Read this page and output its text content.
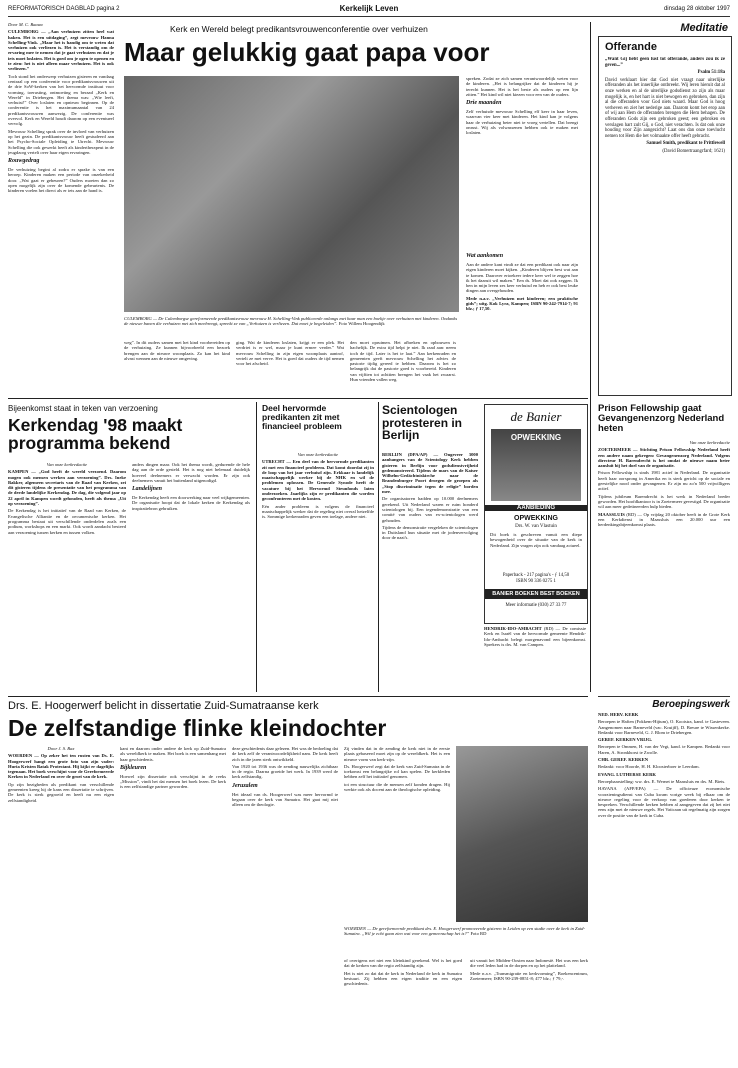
REFORMATORISCH DAGBLAD pagina 2	Kerkelijk Leven	dinsdag 28 oktober 1997
Kerk en Wereld belegt predikantsvrouwenconferentie over verhuizen
Maar gelukkig gaat papa voor

Door M. C. Baauw

CULEMBORG — „Aan verhuizen zitten heel wat haken. Het is een uitdaging”, zegt mevrouw Hanna Schelling-Vink. „Maar het is handig om te weten dat verhuizen ook verliezen is. Het is verstandig om de ervaring mee te nemen dat je gaat verhuizen en dat je iets moet loslaten. Het is goed om je ogen te openen en te zien: het is niet alleen maar verhuizen. Het is ook verliezen.”

Toch stond het onderwerp verhuizen gisteren en vandaag centraal op een conferentie voor predikantsvrouwen uit de drie SoW-kerken van het hervormde instituut voor vorming, toerusting, ontmoeting en beraad „Kerk en Wereld” in Driebergen. Het thema was: „Wie leeft, verhuist!” Over loslaten en opnieuw beginnen. Op de conferentie is het maximumaantal van 24 predikantsvrouwen aanwezig. De conferentie was overvol. Kerk en Wereld houdt daarom op een eventueel vervolg.

Mevrouw Schelling sprak over de invloed van verhuizen op het gezin. De predikantsvrouw heeft gestudeerd aan het Psycho-Sociale Opleiding te Utrecht. Mevrouw Schelling die ook gewerkt heeft als kindertherapeut in de jeugdzorg vertelt over haar eigen ervaringen.

Rouwgedrag

De verhuizing begint al zodra er sprake is van een beroep. Kinderen maken een periode van onzekerheid door. „Wat gaat er gebeuren?” Ouders moeten dan zo open mogelijk zijn over de komende gebeurtenis. De kinderen voelen het direct als er iets aan de hand is.

CULEMBORG — De Culemborgse gereformeerde predikantsvrouw mevrouw H. Schelling-Vink publiceerde onlangs met haar man een boekje over verhuizen met kinderen. Ondanks de nieuwe banen die verhuizen met zich meebrengt, spreekt ze van „Verhuizen is verliezen. Dat moet je begeleiden”. Foto Willem Hoogendijk
weg”. In dit ouders samen met het kind voorbereiden op de verhuizing. Ze kunnen bijvoorbeeld een bezoek brengen aan de nieuwe woonplaats. Zo kan het kind alvast wennen aan de nieuwe omgeving.
ging. Wat de kinderen loslaten, krijgt er een plek. Het verdriet is er wel, maar je kunt ermee verder.” Wat mevrouw Schelling in zijn eigen woonplaats aantrof, vertelt ze met verve. Het is goed dat ouders de tijd nemen voor het afscheid.

spreken. Zodat ze zich samen verantwoordelijk weten voor de kinderen. „Het is belangrijker dat de kinderen hij je terecht kunnen. Het is het beste als ouders op een lijn zitten.” Het kind wil niet kiezen voor een van de ouders.

Drie maanden

Zelf verhuisde mevrouw Schelling elf keer in haar leven, waarvan vier keer met kinderen. Het kind kan je volgens haar de verhuizing beter niet te vroeg vertellen. Dat brengt onrust. Wij als volwassenen hebben ook te maken met loslaten.

den moet opruimen. Het afbreken en opbouwen is hachelijk. De extra tijd helpt je niet. Ik raad aan: neem toch de tijd. Later is het te laat.” Aan kerkenraden en gemeenten geeft mevrouw Schelling het advies de pastorie tijdig gereed te hebben. Daarom is het zo belangrijk dat de pastorie goed is voorbereid. Kinderen van vijftien tot achttien brengen het vaak het zwaarst. Hun vrienden vallen weg.

Meditatie
Offerande

„Want Gij hebt geen lust tot offerande, anders zou ik ze geven...”

Psalm 51:18a

David verklaart hier dat God niet vraagt naar uiterlijke offeranden als het innerlijke ontbreekt. Wij leren hieruit dat al onze werken en al de uiterlijke godsdienst zo zijn als maar mogelijk is, en het hart is niet bewogen en gebroken, dan zijn al die offeranden voor God niets waard. Maar God is hoog verheven en ziet het nederige aan. Daarom komt het erop aan of wij aan Hem de offeranden brengen die Hem behagen. De offeranden Gods zijn een gebroken geest; een gebroken en verslagen hart zult Gij, o God, niet verachten. Is dat ook onze houding voor Zijn aangezicht? Laat ons dan onze toevlucht nemen tot Hem die het volmaakte offer heeft gebracht.

Samuel Smith, predikant te Prittlewell

(David Bomertraangrfard; 1621)

Bijeenkomst staat in teken van verzoening
Kerkendag '98 maakt programma bekend

Van onze kerkredactie

KAMPEN — „God heeft de wereld verzoend. Daarom mogen ook mensen werken aan verzoening”. Drs. Ineke Bakker, algemeen secretaris van de Raad van Kerken, zei dit gisteren tijdens de presentatie van het programma van de derde landelijke Kerkendag. De dag, die volgend jaar op 22 april in Kampen wordt gehouden, heeft als thema „Uit op verzoening”.

De Kerkendag is het initiatief van de Raad van Kerken, de Evangelische Alliantie en de oecumenische kerken. Het programma bestaat uit verschillende onderdelen zoals een podium, workshops en een markt. Ook wordt aandacht besteed aan verzoening tussen kerken en tussen volken.

anders dingen maar. Ook het thema wordt, gedurende de hele dag aan de orde gesteld. Het is nog niet helemaal duidelijk hoeveel deelnemers er verwacht worden. Er zijn ook deelnemers vanuit het buitenland uitgenodigd.

Landelijnen

De Kerkendag heeft een doorwerking naar veel wijkgemeenten. De organisatie hoopt dat de lokale kerken de Kerkendag als inspiratiebron gebruiken.

Deel hervormde predikanten zit met financieel probleem

Van onze kerkredactie

UTRECHT — Een deel van de hervormde predikanten zit met een financieel probleem. Dat komt doordat zij in de loop van het jaar verhuisd zijn. Erkkaar is landelijk maatschappelijk werker bij de NHK en wil de problemen oplossen. De Generale Synode heeft de vacature bij het Hervormd Steunfonds laten onderzoeken. Jaarlijks zijn er predikanten die worden geconfronteren met de kosten.

Eén ander probleem is volgens de financieel maatschappelijk werker dat de regeling niet overal hetzelfde is. Sommige kerkenraden geven een toelage, andere niet.

Scientologen protesteren in Berlijn

BERLIJN (DPA/AP) — Ongeveer 3000 aanhangers van de Scientology Kerk hebben gisteren in Berlijn voor godsdienstvrijheid gedemonstreerd. Tijdens de mars van de Kaiser Wilhelm-Gedächtniskirche naar de Brandenburger Poort droegen de groepen als „Stop discriminatie tegen de religie” borden mee.

De organisatoren hadden op 10.000 deelnemers gerekend. Uit Nederland waren er ruim honderd scientologen bij. Een tegendemonstratie van een comité van ouders van ex-scientologen werd gehouden.

Tijdens de demonstratie vergeleken de scientologen in Duitsland hun situatie met de jodenvervolging door de nazi's.

de Banier
OPWEKKING
AANBIEDING
OPWEKKING
Drs. W. van Vlastuin
Dit boek is geschreven vanuit een diepe bewogenheid over de situatie van de kerk in Nederland. Zijn vragen zijn ook vandaag actueel.
Paperback - 217 pagina's - ƒ 14,50
ISBN 90 336 0275 1
BANIER BOEKEN BEST BOEKEN
Meer informatie (030) 27 33 77
HENDRIK-IDO-AMBACHT (RD) — De comissie Kerk en Israël van de hervormde gemeente Hendrik-Ido-Ambacht belegt morgenavond een bijeenkomst. Sprekers is drs. M. van Campen.
Prison Fellowship gaat Gevangenenzorg Nederland heten

Van onze kerkredactie

ZOETERMEER — Stichting Prison Fellowship Nederland heeft een andere naam gekregen: Gevangenenzorg Nederland. Volgens directeur H. Barendrecht is het omdat de nieuwe naam beter aansluit bij het doel van de organisatie.

Prison Fellowship is sinds 1981 actief in Nederland. De organisatie heeft haar oorsprong in Amerika en is sterk gericht op de sociale en geestelijke nood onder gevangenen. Er zijn nu zo'n 500 vrijwilligers actief.

Tijdens jubileum Barendrecht is het werk in Nederland breder geworden. Het hoofdkantoor is in Zoetermeer gevestigd. De organisatie wil aan meer gedetineerden hulp bieden.

MAASSLUIS (RD) — Op vrijdag 20 oktober heeft in de Grote Kerk een Kerkdienst in Maassluis een 20.000 uur een herdenkingsbijeenkomst plaats.

Beroepingswerk

NED. HERV. KERK

Beroepen te Haften (Fokkem-Hijtum), O. Kooistra, kand. te Gasteveen. Aangenomen naar Barneveld (vac. Kruijff), D. Breure te Wissenkerke. Bedankt voor Barneveld, G. J. Blom te Driebergen.

GEREF. KERKEN VRIJG.

Beroepen te Ommen, H. van der Vegt, kand. te Kampen. Bedankt voor Haren, A. Stronkhorst te Zwolle.

CHR. GEREF. KERKEN

Bedankt: voor Hoorde, H. H. Kloosterboer te Leerdam.

EVANG. LUTHERSE KERK

Beroepbaarstelling: ww. drs. E. Wernet te Maassluis en drs. M. Biets.

HAVANA (AFP/EPA) — De officieuze economische voorzieningsdienst van Cuba kwam vorige week bij elkaar om de nieuwe regeling voor de verkoop van goederen door kerken te bespreken. Verschillende kerken hebben al aangegeven dat zij het niet eens zijn met de nieuwe regels. Het Vaticaan uit regelmatig zijn zorgen over de positie van de kerk in Cuba.

Drs. E. Hoogerwerf belicht in dissertatie Zuid-Sumatraanse kerk
De zelfstandige flinke kleindochter

Door J. S. Bax

WOERDEN — Op zeker het ten rusten van Ds. E. Hoogerwerf hangt een grote foto van zijn vader: Huria Kristen Batak Protestant. Hij kijkt er dagelijks tegenaan. Het boek verschijnt voor de Gereformeerde Kerken in Nederland en over de groei van de kerk.

Op zijn bezigheden als predikant van verschillende gemeenten kreeg hij de kans een dissertatie te schrijven. De kerk is sterk gegroeid en heeft nu een eigen zelfstandigheid.

kant en daarom onder andere de kerk op Zuid-Sumatra als wereldkerk te maken. Het boek is een samenhang met haar geschiedenis.

Bijkleuren

Hoewel zijn dissertatie ook verschijnt in de reeks „Mission”, vindt het dat mensen het boek lezen. De kerk is een zelfstandige partner geworden.

deze geschiedenis daar gelezen. Het was de bedoeling dat de kerk zelf de verantwoordelijkheid nam. De kerk heeft zich in die jaren sterk ontwikkeld.

Van 1920 tot 1936 was de zending nauwelijks zichtbaar in de regio. Daarna groeide het werk. In 1939 werd de kerk zelfstandig.

Jeruzalem

Het ideaal van ds. Hoogerwerf was meer hervormd te begaan over de kerk van Sumatra. Het gaat mij niet alleen om de theologie.

Zij vinden dat in de zending de kerk niet in de eerste plaats gebaseerd moet zijn op de wereldkerk. Het is een nieuwe vorm van kerk-zijn.

Ds. Hoogerwerf zegt dat de kerk van Zuid-Sumatra in de toekomst een belangrijke rol kan spelen. De kerkleden hebben zelf het initiatief genomen.

tot een structuur die de mensen zelf konden dragen. Hij werkte ook als docent aan de theologische opleiding.

WOERDEN — De gereformeerde predikant drs. E. Hoogerwerf promoveerde gisteren in Leiden op een studie over de kerk in Zuid-Sumatra. „Wil je echt gaan zien wat voor een gemeenschap het is?” Foto RD

of overigens net niet een kleinkind gerekend. Wel is het goed dat de kerken van die regio zelfstandig zijn.

Het is niet zo dat dat de kerk in Nederland de kerk in Sumatra bestuurt. Zij hebben een eigen traditie en een eigen geschiedenis.

uit vanuit het Midden-Oosten naar Indonesië. Het was een kerk die veel leden had in de dorpen en op het platteland.

Mede n.a.v. „Transmigratie en kerkvorming”, Boekencentrum, Zoetermeer; ISBN 90-239-0851-8; 477 blz.; ƒ 79,-.

Wat aankomen

Aan de andere kant vindt ze dat een predikant ook naar zijn eigen kinderen moet kijken. „Kinderen blijven best wat aan te komen. Daarover ertoekeer iedere keer wel te zeggen hoe ik het daaruit wil maken.” Een ds. Moet dat ook zeggen. Ik ben in mijn leven zes keer verhuisd en heb er ook best leuke dingen aan overgehouden.

Mede n.a.v. „Verhuizen met kinderen; een praktische gids”; uitg. Kok Lyra, Kampen; ISBN 90-242-7914-7; 91 blz.; ƒ 17,50.
